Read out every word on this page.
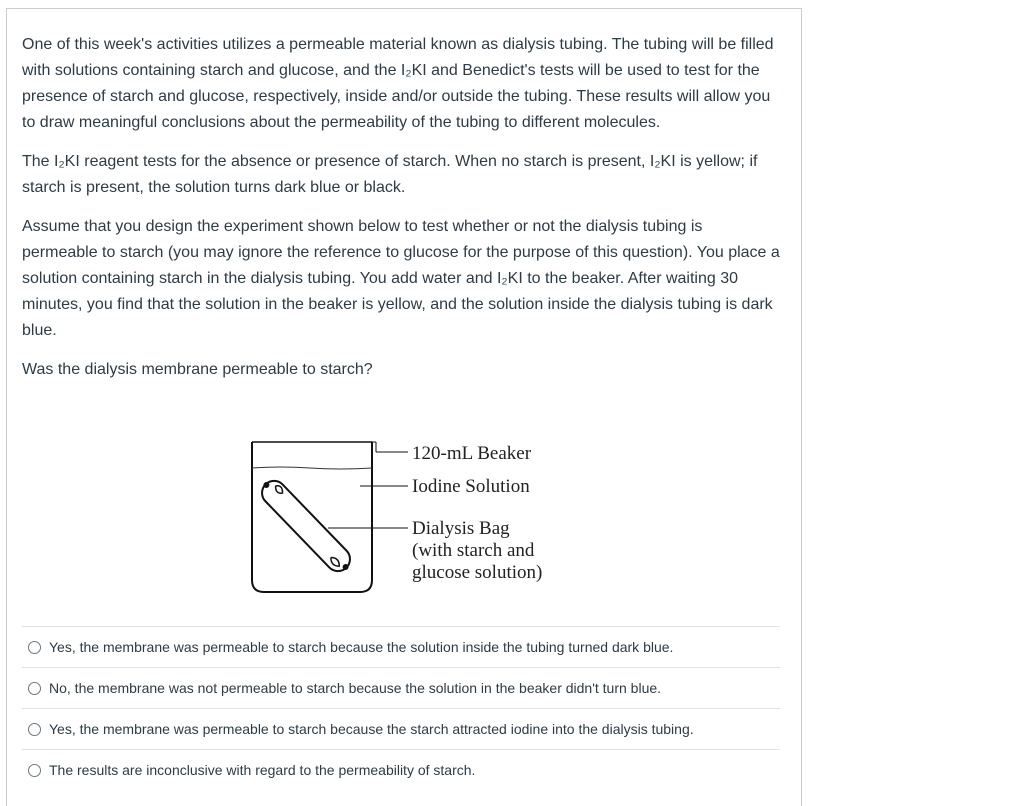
One of this week's activities utilizes a permeable material known as dialysis tubing. The tubing will be filled with solutions containing starch and glucose, and the I₂KI and Benedict's tests will be used to test for the presence of starch and glucose, respectively, inside and/or outside the tubing. These results will allow you to draw meaningful conclusions about the permeability of the tubing to different molecules.

The I₂KI reagent tests for the absence or presence of starch. When no starch is present, I₂KI is yellow; if starch is present, the solution turns dark blue or black.

Assume that you design the experiment shown below to test whether or not the dialysis tubing is permeable to starch (you may ignore the reference to glucose for the purpose of this question). You place a solution containing starch in the dialysis tubing. You add water and I₂KI to the beaker. After waiting 30 minutes, you find that the solution in the beaker is yellow, and the solution inside the dialysis tubing is dark blue.

Was the dialysis membrane permeable to starch?

120-mL Beaker
Iodine Solution
Dialysis Bag
(with starch and
glucose solution)
Yes, the membrane was permeable to starch because the solution inside the tubing turned dark blue.
No, the membrane was not permeable to starch because the solution in the beaker didn't turn blue.
Yes, the membrane was permeable to starch because the starch attracted iodine into the dialysis tubing.
The results are inconclusive with regard to the permeability of starch.
